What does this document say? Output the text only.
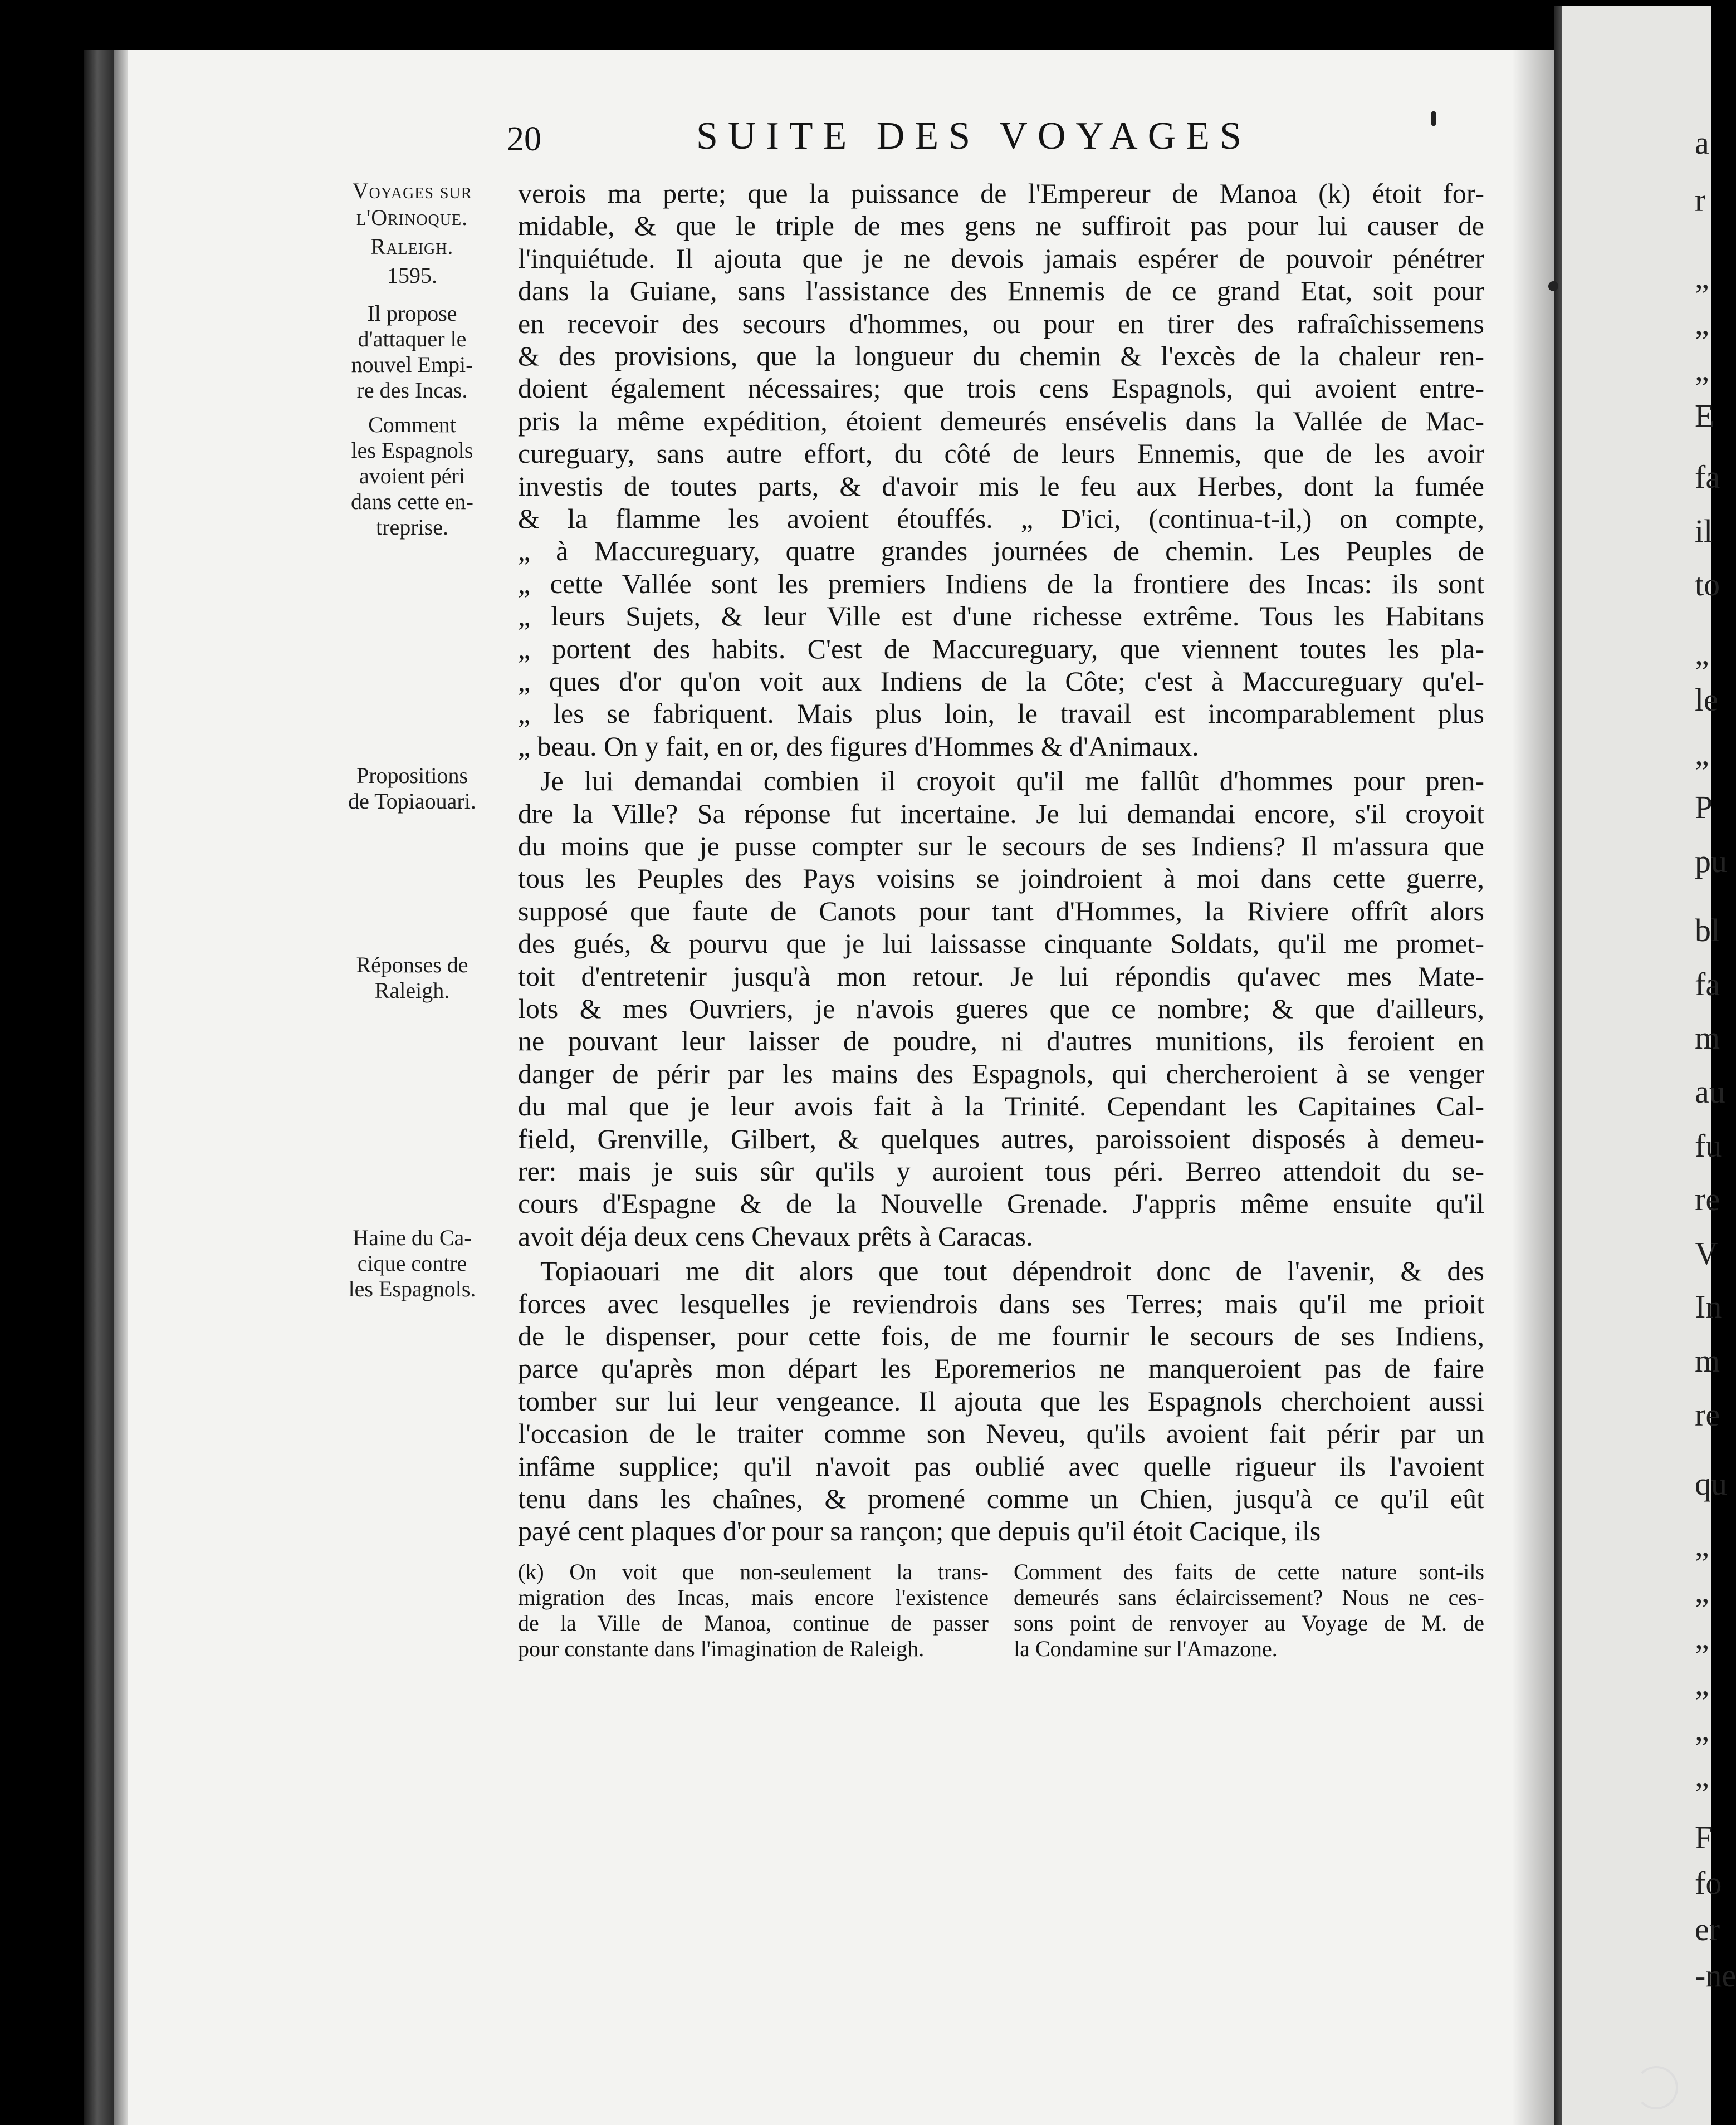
a
r
„
„
„
E
fa
il
to
„
le
„
P
pu
bl
fa
m
au
fu
re
V
In
m
re
qu
„
„
„
„
„
„
F
fo
er
-ne
20	SUITE DES VOYAGES
Voyages sur
l'Orinoque.
Raleigh.
1595.
Il propose
d'attaquer le
nouvel Empi-
re des Incas.
Comment
les Espagnols
avoient péri
dans cette en-
treprise.
Propositions
de Topiaouari.
Réponses de
Raleigh.
Haine du Ca-
cique contre
les Espagnols.
verois ma perte; que la puissance de l'Empereur de Manoa (k) étoit for-
midable, & que le triple de mes gens ne suffiroit pas pour lui causer de
l'inquiétude. Il ajouta que je ne devois jamais espérer de pouvoir pénétrer
dans la Guiane, sans l'assistance des Ennemis de ce grand Etat, soit pour
en recevoir des secours d'hommes, ou pour en tirer des rafraîchissemens
& des provisions, que la longueur du chemin & l'excès de la chaleur ren-
doient également nécessaires; que trois cens Espagnols, qui avoient entre-
pris la même expédition, étoient demeurés ensévelis dans la Vallée de Mac-
cureguary, sans autre effort, du côté de leurs Ennemis, que de les avoir
investis de toutes parts, & d'avoir mis le feu aux Herbes, dont la fumée
& la flamme les avoient étouffés. „ D'ici, (continua-t-il,) on compte,
„ à Maccureguary, quatre grandes journées de chemin. Les Peuples de
„ cette Vallée sont les premiers Indiens de la frontiere des Incas: ils sont
„ leurs Sujets, & leur Ville est d'une richesse extrême. Tous les Habitans
„ portent des habits. C'est de Maccureguary, que viennent toutes les pla-
„ ques d'or qu'on voit aux Indiens de la Côte; c'est à Maccureguary qu'el-
„ les se fabriquent. Mais plus loin, le travail est incomparablement plus
„ beau. On y fait, en or, des figures d'Hommes & d'Animaux.
Je lui demandai combien il croyoit qu'il me fallût d'hommes pour pren-
dre la Ville? Sa réponse fut incertaine. Je lui demandai encore, s'il croyoit
du moins que je pusse compter sur le secours de ses Indiens? Il m'assura que
tous les Peuples des Pays voisins se joindroient à moi dans cette guerre,
supposé que faute de Canots pour tant d'Hommes, la Riviere offrît alors
des gués, & pourvu que je lui laissasse cinquante Soldats, qu'il me promet-
toit d'entretenir jusqu'à mon retour. Je lui répondis qu'avec mes Mate-
lots & mes Ouvriers, je n'avois gueres que ce nombre; & que d'ailleurs,
ne pouvant leur laisser de poudre, ni d'autres munitions, ils feroient en
danger de périr par les mains des Espagnols, qui chercheroient à se venger
du mal que je leur avois fait à la Trinité. Cependant les Capitaines Cal-
field, Grenville, Gilbert, & quelques autres, paroissoient disposés à demeu-
rer: mais je suis sûr qu'ils y auroient tous péri. Berreo attendoit du se-
cours d'Espagne & de la Nouvelle Grenade. J'appris même ensuite qu'il
avoit déja deux cens Chevaux prêts à Caracas.
Topiaouari me dit alors que tout dépendroit donc de l'avenir, & des
forces avec lesquelles je reviendrois dans ses Terres; mais qu'il me prioit
de le dispenser, pour cette fois, de me fournir le secours de ses Indiens,
parce qu'après mon départ les Eporemerios ne manqueroient pas de faire
tomber sur lui leur vengeance. Il ajouta que les Espagnols cherchoient aussi
l'occasion de le traiter comme son Neveu, qu'ils avoient fait périr par un
infâme supplice; qu'il n'avoit pas oublié avec quelle rigueur ils l'avoient
tenu dans les chaînes, & promené comme un Chien, jusqu'à ce qu'il eût
payé cent plaques d'or pour sa rançon; que depuis qu'il étoit Cacique, ils
(k) On voit que non-seulement la trans-
migration des Incas, mais encore l'existence
de la Ville de Manoa, continue de passer
pour constante dans l'imagination de Raleigh.
Comment des faits de cette nature sont-ils
demeurés sans éclaircissement? Nous ne ces-
sons point de renvoyer au Voyage de M. de
la Condamine sur l'Amazone.
